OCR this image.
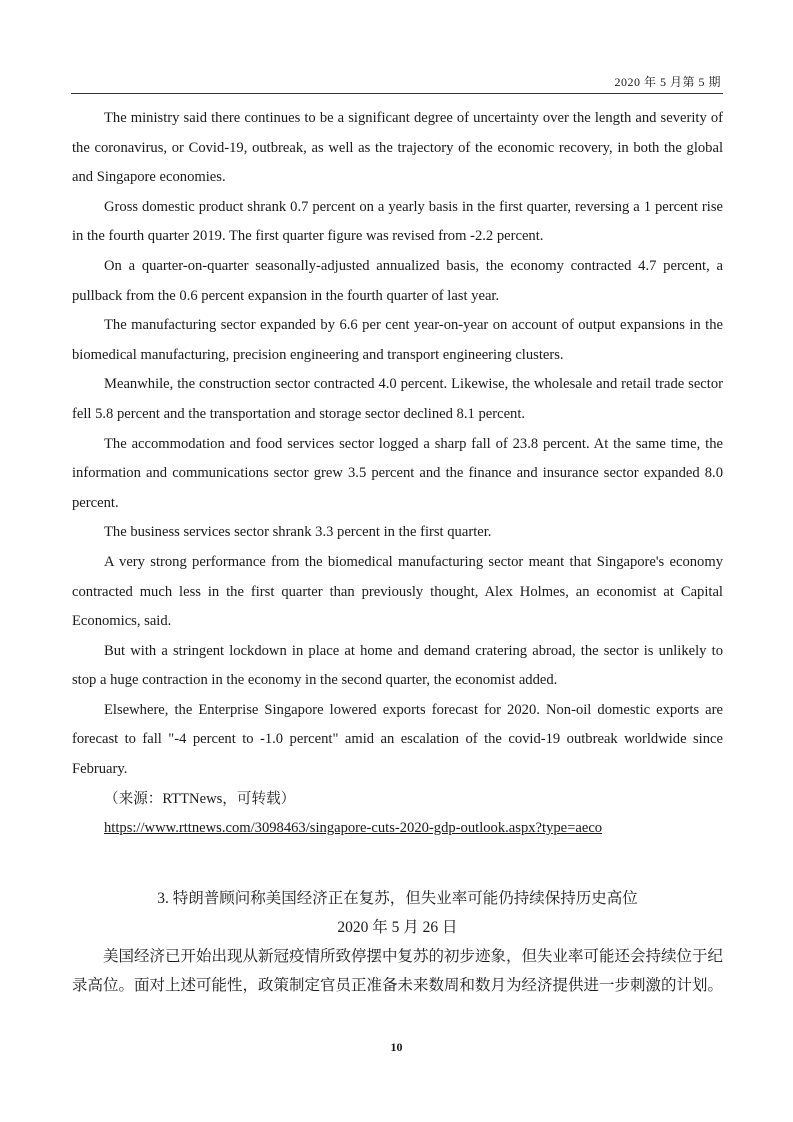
2020 年 5 月第 5 期

The ministry said there continues to be a significant degree of uncertainty over the length and severity of the coronavirus, or Covid-19, outbreak, as well as the trajectory of the economic recovery, in both the global and Singapore economies.

Gross domestic product shrank 0.7 percent on a yearly basis in the first quarter, reversing a 1 percent rise in the fourth quarter 2019. The first quarter figure was revised from -2.2 percent.

On a quarter-on-quarter seasonally-adjusted annualized basis, the economy contracted 4.7 percent, a pullback from the 0.6 percent expansion in the fourth quarter of last year.

The manufacturing sector expanded by 6.6 per cent year-on-year on account of output expansions in the biomedical manufacturing, precision engineering and transport engineering clusters.

Meanwhile, the construction sector contracted 4.0 percent. Likewise, the wholesale and retail trade sector fell 5.8 percent and the transportation and storage sector declined 8.1 percent.

The accommodation and food services sector logged a sharp fall of 23.8 percent. At the same time, the information and communications sector grew 3.5 percent and the finance and insurance sector expanded 8.0 percent.

The business services sector shrank 3.3 percent in the first quarter.

A very strong performance from the biomedical manufacturing sector meant that Singapore's economy contracted much less in the first quarter than previously thought, Alex Holmes, an economist at Capital Economics, said.

But with a stringent lockdown in place at home and demand cratering abroad, the sector is unlikely to stop a huge contraction in the economy in the second quarter, the economist added.

Elsewhere, the Enterprise Singapore lowered exports forecast for 2020. Non-oil domestic exports are forecast to fall "-4 percent to -1.0 percent" amid an escalation of the covid-19 outbreak worldwide since February.

（来源：RTTNews，可转载）

https://www.rttnews.com/3098463/singapore-cuts-2020-gdp-outlook.aspx?type=aeco

3. 特朗普顾问称美国经济正在复苏，但失业率可能仍持续保持历史高位

2020 年 5 月 26 日

美国经济已开始出现从新冠疫情所致停摆中复苏的初步迹象，但失业率可能还会持续位于纪录高位。面对上述可能性，政策制定官员正准备未来数周和数月为经济提供进一步刺激的计划。

10
